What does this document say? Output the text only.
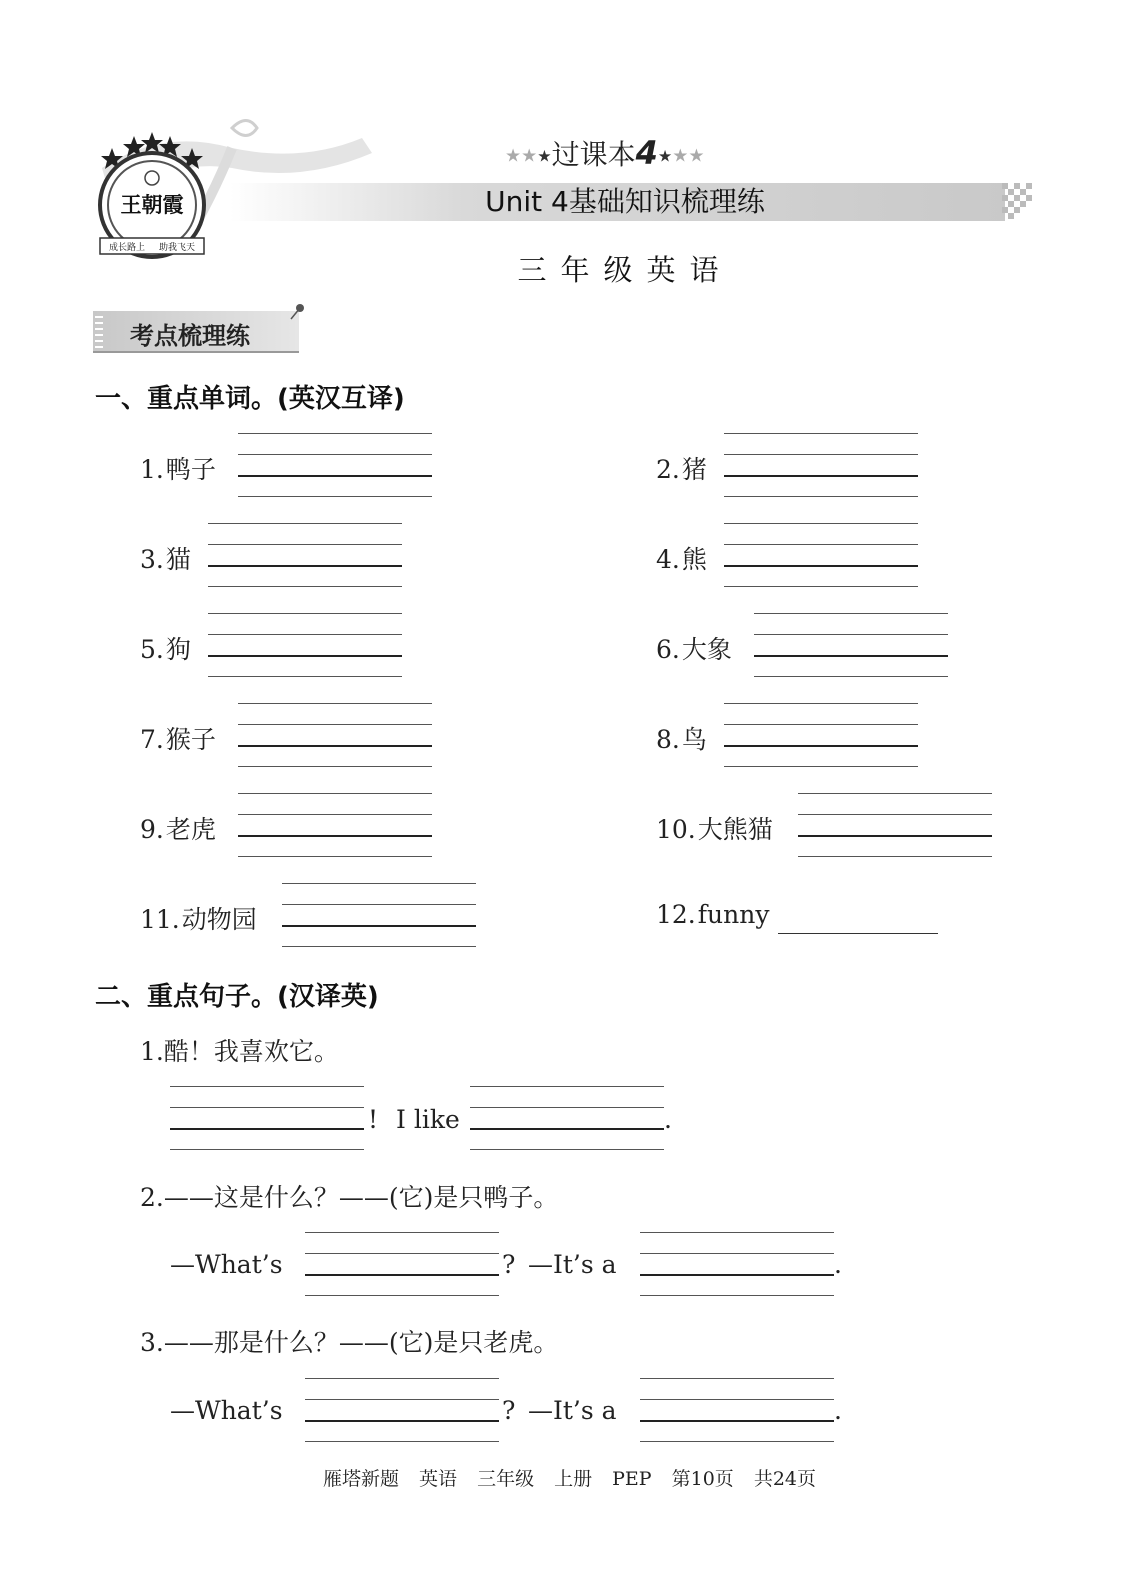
王朝霞
成长路上 助我飞天
★★★过课本4★★★
Unit 4基础知识梳理练
三年级英语
考点梳理练
一、重点单词。(英汉互译)
1.鸭子	2.猪
3.猫	4.熊
5.狗	6.大象
7.猴子	8.鸟
9.老虎	10.大熊猫
11.动物园	12.funny
二、重点句子。(汉译英)
1.酷！我喜欢它。
! I like	.
2.——这是什么？——(它)是只鸭子。
—What’s	? —It’s a	.
3.——那是什么？——(它)是只老虎。
—What’s	? —It’s a	.
雁塔新题 英语 三年级 上册 PEP 第10页 共24页
